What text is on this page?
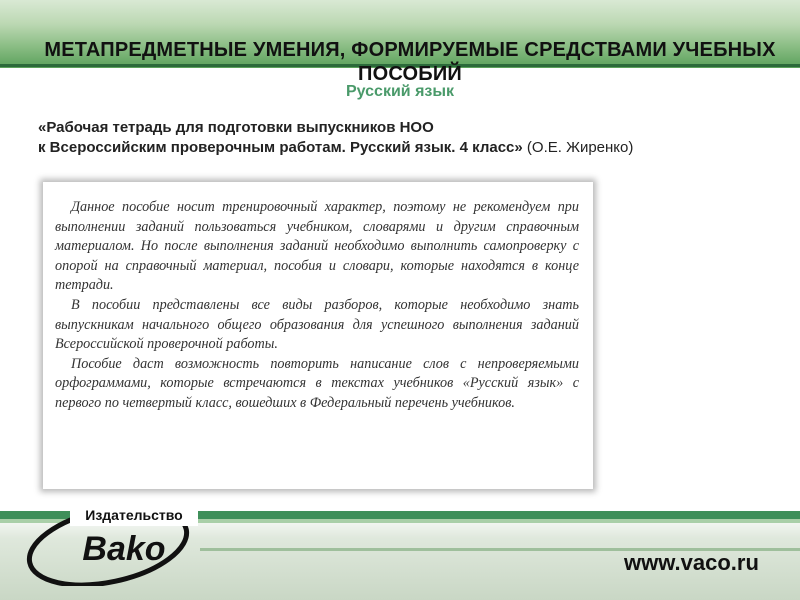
МЕТАПРЕДМЕТНЫЕ УМЕНИЯ, ФОРМИРУЕМЫЕ СРЕДСТВАМИ УЧЕБНЫХ ПОСОБИЙ
Русский язык
«Рабочая тетрадь для подготовки выпускников НОО
к Всероссийским проверочным работам. Русский язык. 4 класс» (О.Е. Жиренко)

Данное пособие носит тренировочный характер, поэтому не рекомендуем при выполнении заданий пользоваться учебником, словарями и другим справочным материалом. Но после выполнения заданий необходимо выполнить самопроверку с опорой на справочный материал, пособия и словари, которые находятся в конце тетради.

В пособии представлены все виды разборов, которые необходимо знать выпускникам начального общего образования для успешного выполнения заданий Всероссийской проверочной работы.

Пособие даст возможность повторить написание слов с непроверяемыми орфограммами, которые встречаются в текстах учебников «Русский язык» с первого по четвертый класс, вошедших в Федеральный перечень учебников.

Издательство
Bako	www.vaco.ru
